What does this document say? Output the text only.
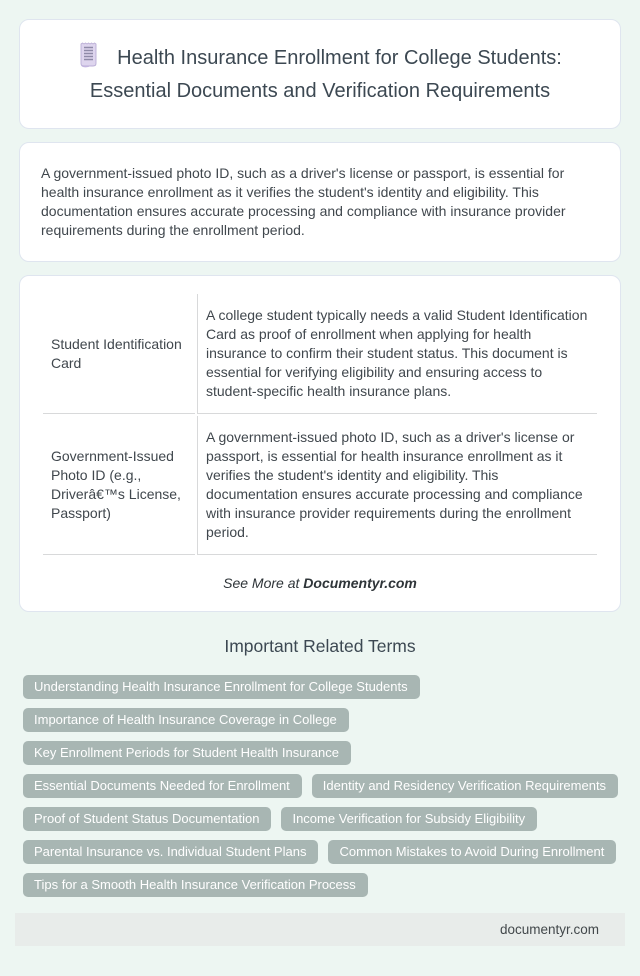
Health Insurance Enrollment for College Students: Essential Documents and Verification Requirements

A government-issued photo ID, such as a driver's license or passport, is essential for health insurance enrollment as it verifies the student's identity and eligibility. This documentation ensures accurate processing and compliance with insurance provider requirements during the enrollment period.

Student Identification Card	A college student typically needs a valid Student Identification Card as proof of enrollment when applying for health insurance to confirm their student status. This document is essential for verifying eligibility and ensuring access to student-specific health insurance plans.
Government-Issued Photo ID (e.g., Driverâ€™s License, Passport)	A government-issued photo ID, such as a driver's license or passport, is essential for health insurance enrollment as it verifies the student's identity and eligibility. This documentation ensures accurate processing and compliance with insurance provider requirements during the enrollment period.

See More at Documentyr.com

Important Related Terms
Understanding Health Insurance Enrollment for College Students
Importance of Health Insurance Coverage in College
Key Enrollment Periods for Student Health Insurance
Essential Documents Needed for Enrollment	Identity and Residency Verification Requirements
Proof of Student Status Documentation	Income Verification for Subsidy Eligibility
Parental Insurance vs. Individual Student Plans	Common Mistakes to Avoid During Enrollment
Tips for a Smooth Health Insurance Verification Process
documentyr.com
